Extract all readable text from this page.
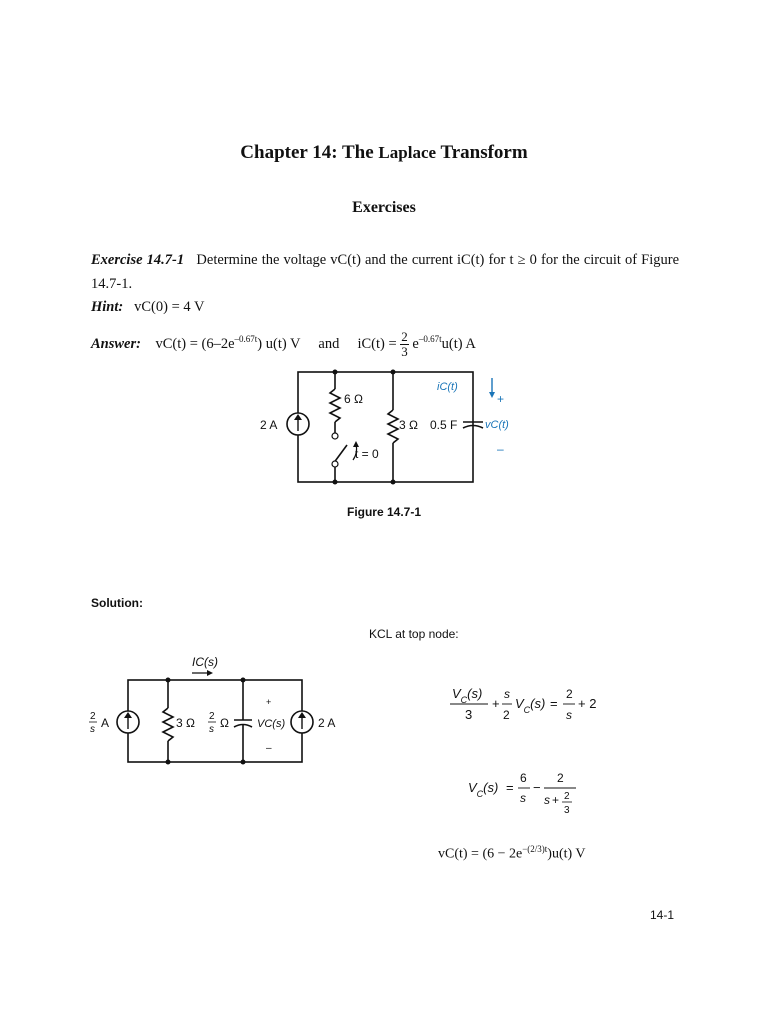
Chapter 14: The Laplace Transform
Exercises
Exercise 14.7-1 Determine the voltage vC(t) and the current iC(t) for t ≥ 0 for the circuit of Figure 14.7-1.
Hint: vC(0) = 4 V
Answer: $vC(t) = (6-2e^{-0.67t})$ u(t) V and $iC(t) = \frac{2}{3} e^{-0.67t}u(t)$ A
2 A
6 Ω
t = 0
3 Ω 0.5 F
iC(t)
+
vC(t)
–
Figure 14.7-1
Solution:
KCL at top node:
IC(s)
2
s A	3 Ω 2
s Ω
+
VC(s)
–
2 A
$V_C(s)$
3
+
s
2
$V_C(s)$ =
2
s
+ 2
$V_C(s)$ =
6
s
−
2
s + 2
3
$vC(t) = (6 - 2e^{-(2/3)t})u(t)$ V
14-1
